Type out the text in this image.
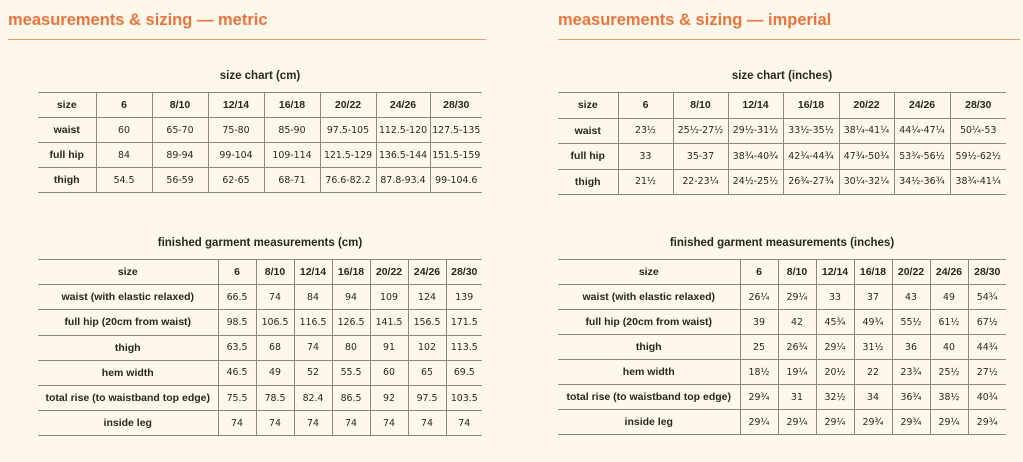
measurements & sizing — metric	measurements & sizing — imperial
size chart (cm)
size	6	8/10	12/14	16/18	20/22	24/26	28/30
waist	60	65-70	75-80	85-90	97.5-105	112.5-120	127.5-135
full hip	84	89-94	99-104	109-114	121.5-129	136.5-144	151.5-159
thigh	54.5	56-59	62-65	68-71	76.6-82.2	87.8-93.4	99-104.6
finished garment measurements (cm)
size	6	8/10	12/14	16/18	20/22	24/26	28/30
waist (with elastic relaxed)	66.5	74	84	94	109	124	139
full hip (20cm from waist)	98.5	106.5	116.5	126.5	141.5	156.5	171.5
thigh	63.5	68	74	80	91	102	113.5
hem width	46.5	49	52	55.5	60	65	69.5
total rise (to waistband top edge)	75.5	78.5	82.4	86.5	92	97.5	103.5
inside leg	74	74	74	74	74	74	74
size chart (inches)
size	6	8/10	12/14	16/18	20/22	24/26	28/30
waist	23½	25½-27½	29½-31½	33½-35½	38¼-41¼	44¼-47¼	50¼-53
full hip	33	35-37	38¾-40¾	42¾-44¾	47¾-50¾	53¾-56½	59½-62½
thigh	21½	22-23¼	24½-25½	26¾-27¾	30¼-32¼	34½-36¾	38¾-41¼
finished garment measurements (inches)
size	6	8/10	12/14	16/18	20/22	24/26	28/30
waist (with elastic relaxed)	26¼	29¼	33	37	43	49	54¾
full hip (20cm from waist)	39	42	45¾	49¾	55½	61½	67½
thigh	25	26¾	29¼	31½	36	40	44¾
hem width	18½	19¼	20½	22	23¾	25½	27½
total rise (to waistband top edge)	29¾	31	32½	34	36¾	38½	40¾
inside leg	29¼	29¼	29¼	29¾	29¾	29¼	29¾
